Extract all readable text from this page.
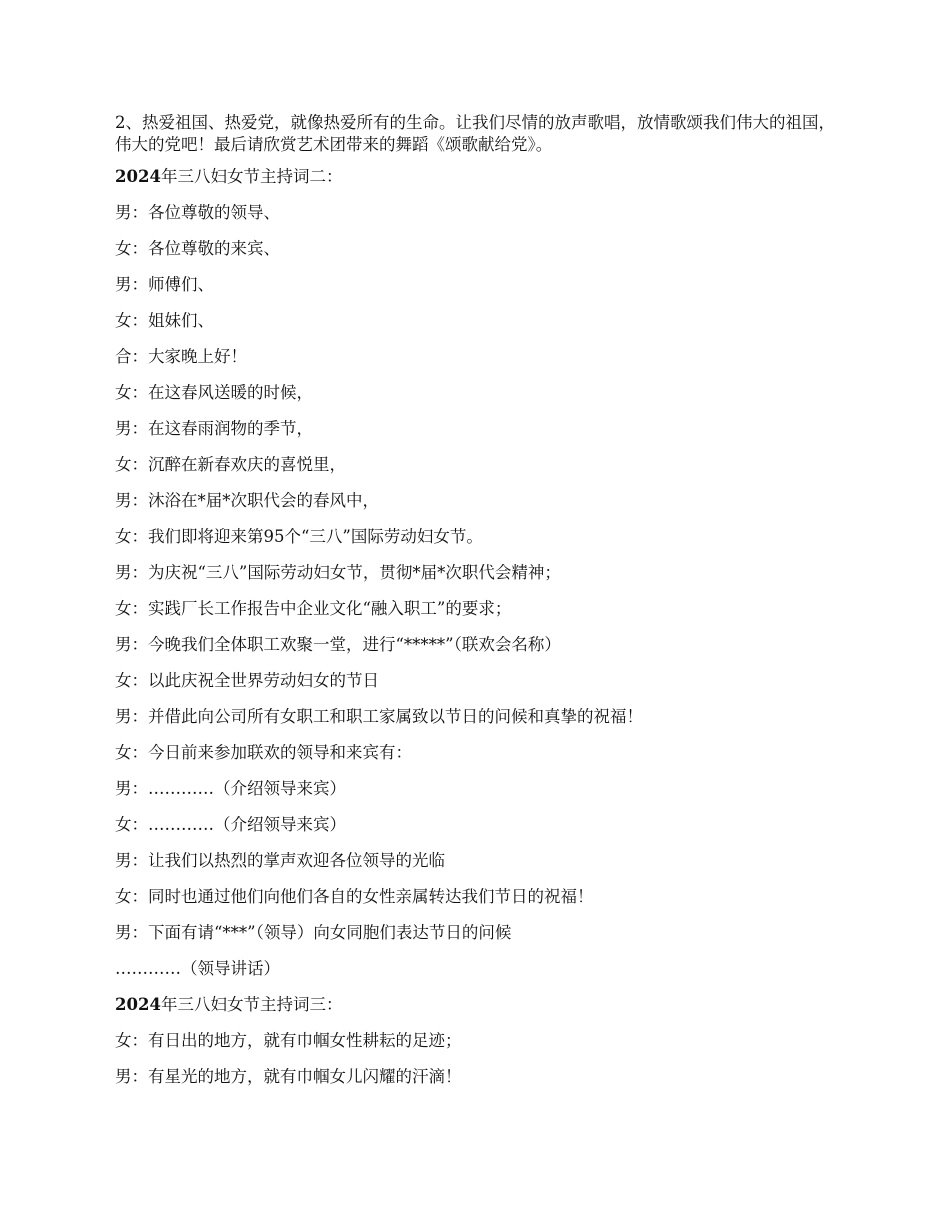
2、热爱祖国、热爱党，就像热爱所有的生命。让我们尽情的放声歌唱，放情歌颂我们伟大的祖国，伟大的党吧！最后请欣赏艺术团带来的舞蹈《颂歌献给党》。

2024年三八妇女节主持词二：
男：各位尊敬的领导、
女：各位尊敬的来宾、
男：师傅们、
女：姐妹们、
合：大家晚上好！
女：在这春风送暖的时候，
男：在这春雨润物的季节，
女：沉醉在新春欢庆的喜悦里，
男：沐浴在*届*次职代会的春风中，
女：我们即将迎来第95个“三八”国际劳动妇女节。
男：为庆祝“三八”国际劳动妇女节，贯彻*届*次职代会精神；
女：实践厂长工作报告中企业文化“融入职工”的要求；
男：今晚我们全体职工欢聚一堂，进行“*****”（联欢会名称）
女：以此庆祝全世界劳动妇女的节日
男：并借此向公司所有女职工和职工家属致以节日的问候和真挚的祝福！
女：今日前来参加联欢的领导和来宾有：
男：…………（介绍领导来宾）
女：…………（介绍领导来宾）
男：让我们以热烈的掌声欢迎各位领导的光临
女：同时也通过他们向他们各自的女性亲属转达我们节日的祝福！
男：下面有请“***”（领导）向女同胞们表达节日的问候
…………（领导讲话）
2024年三八妇女节主持词三：
女：有日出的地方，就有巾帼女性耕耘的足迹；
男：有星光的地方，就有巾帼女儿闪耀的汗滴！
